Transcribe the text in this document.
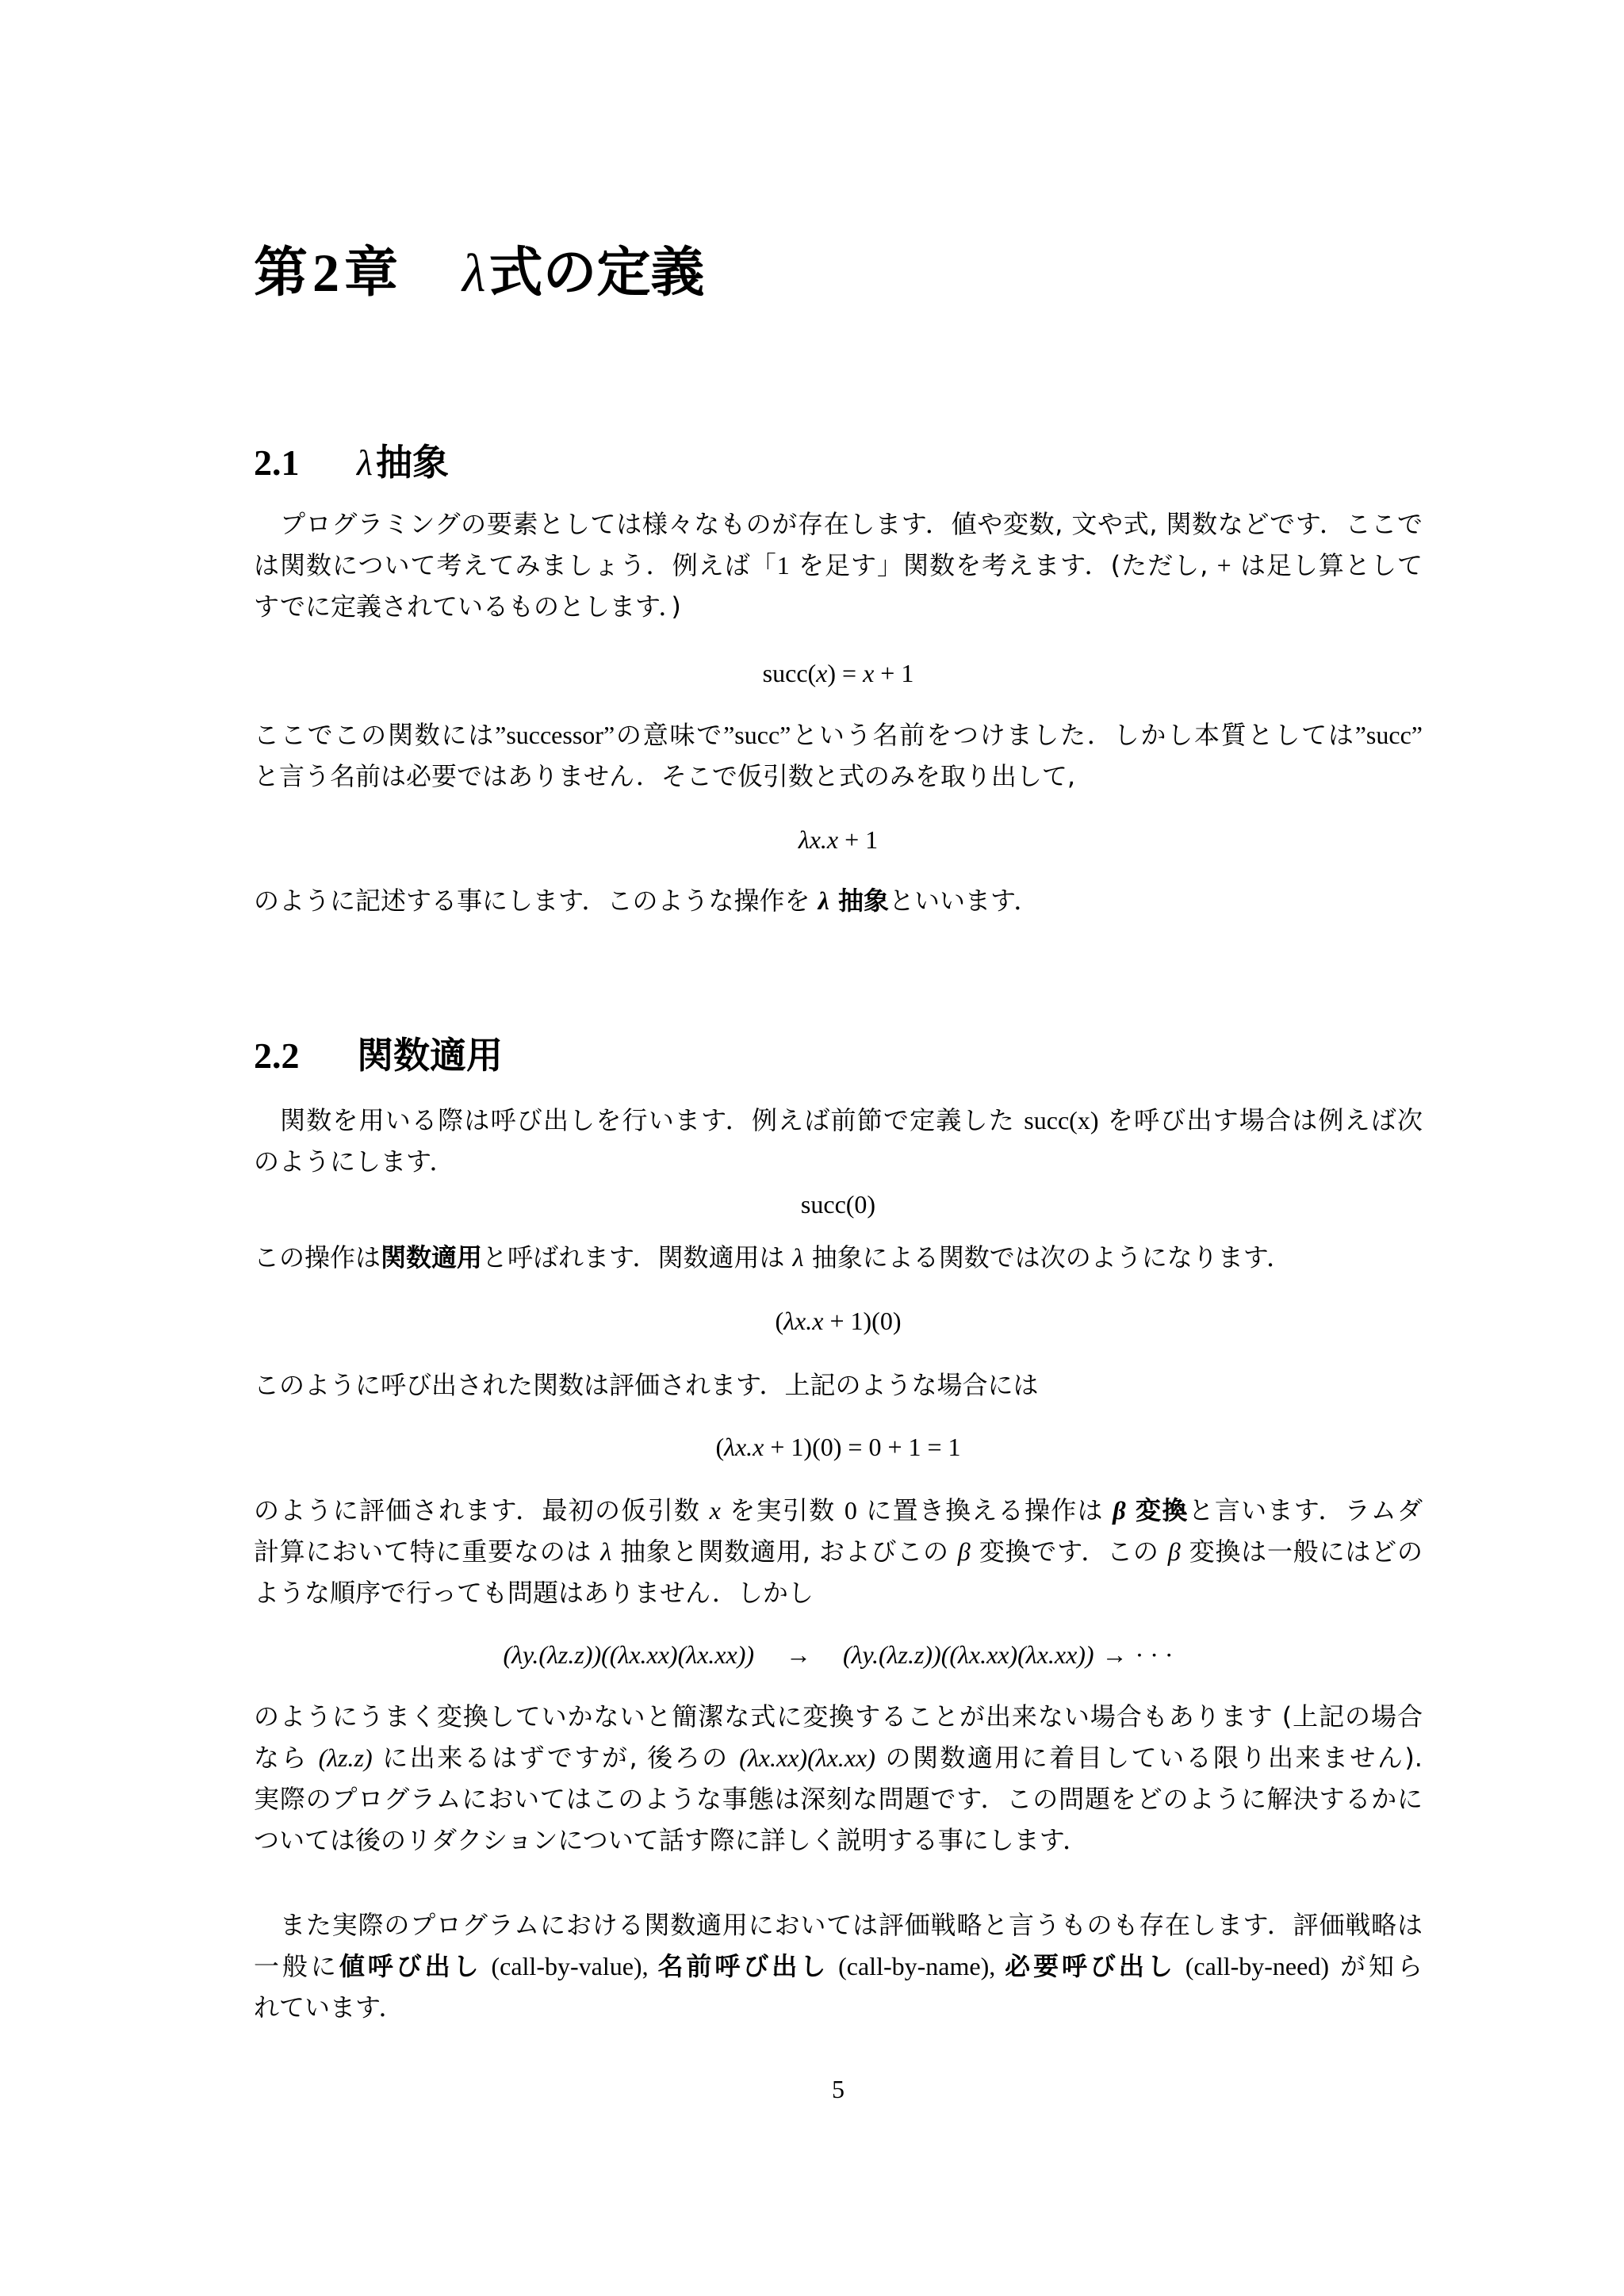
第2章 λ式の定義
2.1 λ抽象
プログラミングの要素としては様々なものが存在します．値や変数, 文や式, 関数などです．ここで
は関数について考えてみましょう．例えば「1 を足す」関数を考えます．(ただし, + は足し算として
すでに定義されているものとします．)
succ(x) = x + 1
ここでこの関数には”successor”の意味で”succ”という名前をつけました．しかし本質としては”succ”
と言う名前は必要ではありません．そこで仮引数と式のみを取り出して,
λx.x + 1
のように記述する事にします．このような操作を λ 抽象といいます．
2.2 関数適用
関数を用いる際は呼び出しを行います．例えば前節で定義した succ(x) を呼び出す場合は例えば次
のようにします．
succ(0)
この操作は関数適用と呼ばれます．関数適用は λ 抽象による関数では次のようになります．
(λx.x + 1)(0)
このように呼び出された関数は評価されます．上記のような場合には
(λx.x + 1)(0) = 0 + 1 = 1
のように評価されます．最初の仮引数 x を実引数 0 に置き換える操作は β 変換と言います．ラムダ
計算において特に重要なのは λ 抽象と関数適用, およびこの β 変換です．この β 変換は一般にはどの
ような順序で行っても問題はありません．しかし
(λy.(λz.z))((λx.xx)(λx.xx)) → (λy.(λz.z))((λx.xx)(λx.xx)) → · · ·
のようにうまく変換していかないと簡潔な式に変換することが出来ない場合もあります (上記の場合
なら (λz.z) に出来るはずですが, 後ろの (λx.xx)(λx.xx) の関数適用に着目している限り出来ません).
実際のプログラムにおいてはこのような事態は深刻な問題です．この問題をどのように解決するかに
ついては後のリダクションについて話す際に詳しく説明する事にします．
また実際のプログラムにおける関数適用においては評価戦略と言うものも存在します．評価戦略は
一般に値呼び出し (call-by-value), 名前呼び出し (call-by-name), 必要呼び出し (call-by-need) が知ら
れています．
5
